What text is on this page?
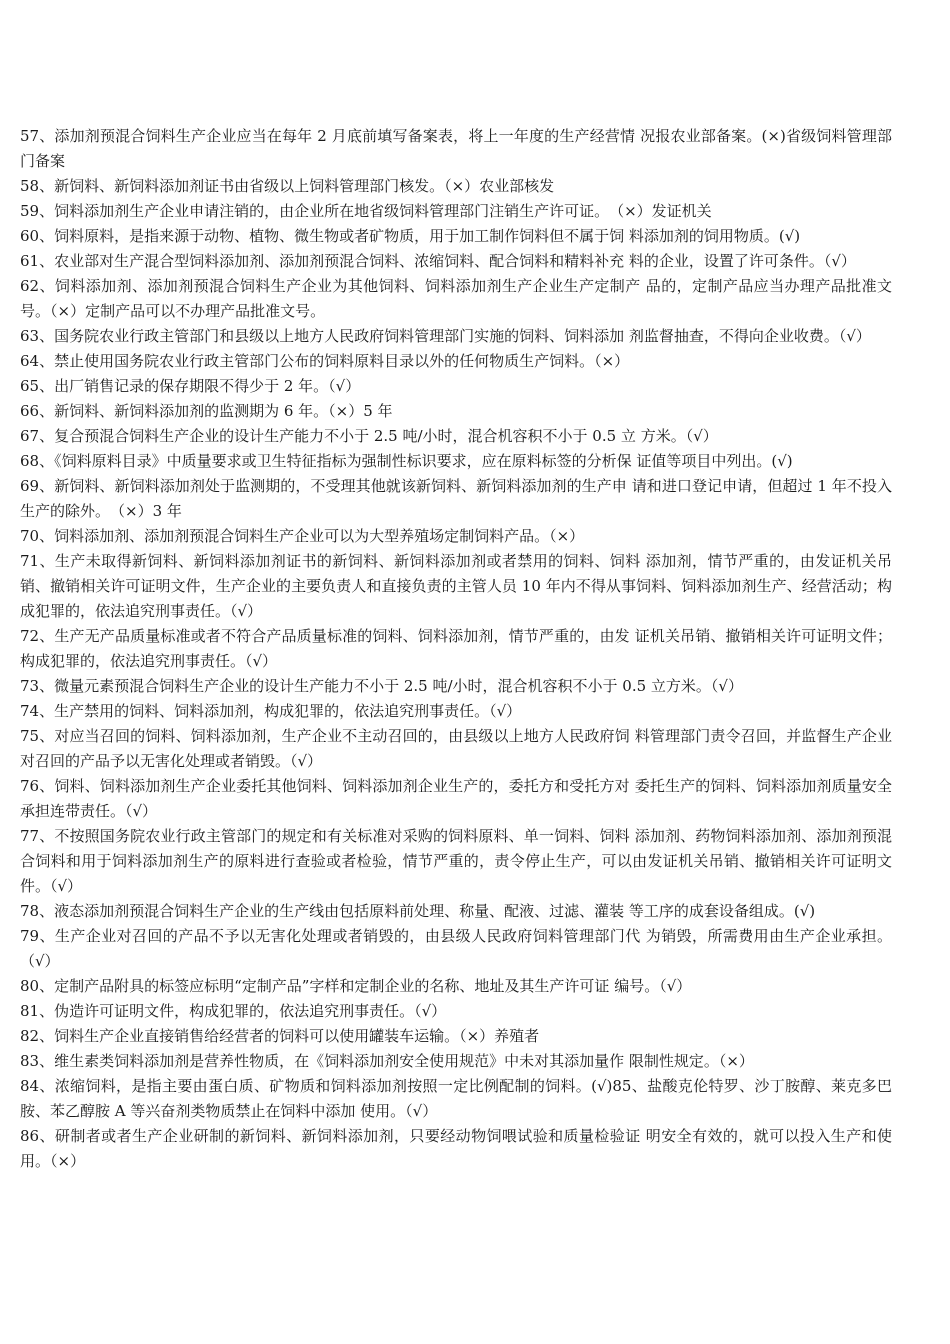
57、添加剂预混合饲料生产企业应当在每年 2 月底前填写备案表，将上一年度的生产经营情 况报农业部备案。(×)省级饲料管理部门备案

58、新饲料、新饲料添加剂证书由省级以上饲料管理部门核发。（×）农业部核发

59、饲料添加剂生产企业申请注销的，由企业所在地省级饲料管理部门注销生产许可证。　（×）发证机关

60、饲料原料，是指来源于动物、植物、微生物或者矿物质，用于加工制作饲料但不属于饲 料添加剂的饲用物质。(√)

61、农业部对生产混合型饲料添加剂、添加剂预混合饲料、浓缩饲料、配合饲料和精料补充 料的企业，设置了许可条件。（√）

62、饲料添加剂、添加剂预混合饲料生产企业为其他饲料、饲料添加剂生产企业生产定制产 品的，定制产品应当办理产品批准文号。（×）定制产品可以不办理产品批准文号。

63、国务院农业行政主管部门和县级以上地方人民政府饲料管理部门实施的饲料、饲料添加 剂监督抽查，不得向企业收费。（√）

64、禁止使用国务院农业行政主管部门公布的饲料原料目录以外的任何物质生产饲料。（×）

65、出厂销售记录的保存期限不得少于 2 年。（√）

66、新饲料、新饲料添加剂的监测期为 6 年。（×）5 年

67、复合预混合饲料生产企业的设计生产能力不小于 2.5 吨/小时，混合机容积不小于 0.5 立 方米。（√）

68、《饲料原料目录》中质量要求或卫生特征指标为强制性标识要求，应在原料标签的分析保 证值等项目中列出。(√)

69、新饲料、新饲料添加剂处于监测期的，不受理其他就该新饲料、新饲料添加剂的生产申 请和进口登记申请，但超过 1 年不投入生产的除外。　（×）3 年

70、饲料添加剂、添加剂预混合饲料生产企业可以为大型养殖场定制饲料产品。（×）

71、生产未取得新饲料、新饲料添加剂证书的新饲料、新饲料添加剂或者禁用的饲料、饲料 添加剂，情节严重的，由发证机关吊销、撤销相关许可证明文件，生产企业的主要负责人和直接负责的主管人员 10 年内不得从事饲料、饲料添加剂生产、经营活动；构成犯罪的，依法追究刑事责任。（√）

72、生产无产品质量标准或者不符合产品质量标准的饲料、饲料添加剂，情节严重的，由发 证机关吊销、撤销相关许可证明文件；构成犯罪的，依法追究刑事责任。（√）

73、微量元素预混合饲料生产企业的设计生产能力不小于 2.5 吨/小时，混合机容积不小于 0.5 立方米。（√）

74、生产禁用的饲料、饲料添加剂，构成犯罪的，依法追究刑事责任。（√）

75、对应当召回的饲料、饲料添加剂，生产企业不主动召回的，由县级以上地方人民政府饲 料管理部门责令召回，并监督生产企业对召回的产品予以无害化处理或者销毁。（√）

76、饲料、饲料添加剂生产企业委托其他饲料、饲料添加剂企业生产的，委托方和受托方对 委托生产的饲料、饲料添加剂质量安全承担连带责任。（√）

77、不按照国务院农业行政主管部门的规定和有关标准对采购的饲料原料、单一饲料、饲料 添加剂、药物饲料添加剂、添加剂预混合饲料和用于饲料添加剂生产的原料进行查验或者检验，情节严重的，责令停止生产，可以由发证机关吊销、撤销相关许可证明文件。（√）

78、液态添加剂预混合饲料生产企业的生产线由包括原料前处理、称量、配液、过滤、灌装 等工序的成套设备组成。(√)

79、生产企业对召回的产品不予以无害化处理或者销毁的，由县级人民政府饲料管理部门代 为销毁，所需费用由生产企业承担。（√）

80、定制产品附具的标签应标明“定制产品”字样和定制企业的名称、地址及其生产许可证 编号。（√）

81、伪造许可证明文件，构成犯罪的，依法追究刑事责任。（√）

82、饲料生产企业直接销售给经营者的饲料可以使用罐装车运输。（×）养殖者

83、维生素类饲料添加剂是营养性物质，在《饲料添加剂安全使用规范》中未对其添加量作 限制性规定。（×）

84、浓缩饲料，是指主要由蛋白质、矿物质和饲料添加剂按照一定比例配制的饲料。(√)85、盐酸克伦特罗、沙丁胺醇、莱克多巴胺、苯乙醇胺 A 等兴奋剂类物质禁止在饲料中添加 使用。（√）

86、研制者或者生产企业研制的新饲料、新饲料添加剂，只要经动物饲喂试验和质量检验证 明安全有效的，就可以投入生产和使用。（×）
